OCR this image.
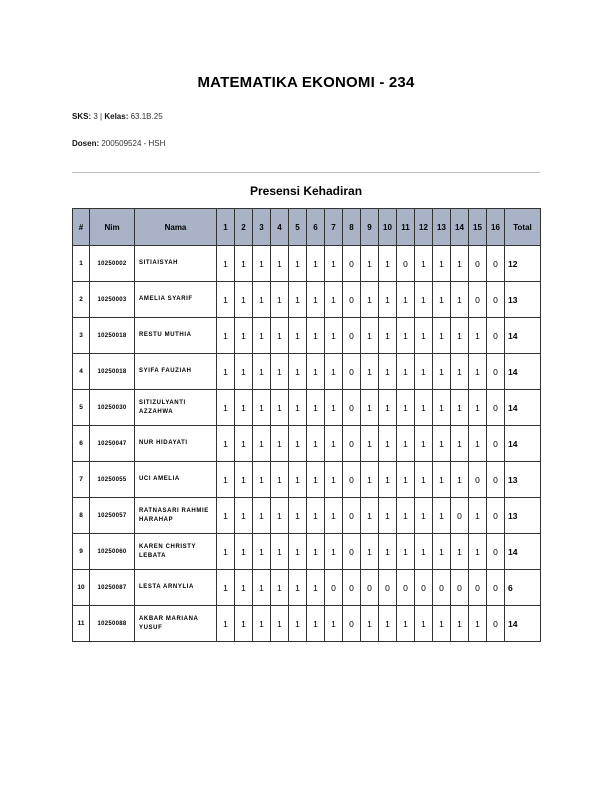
MATEMATIKA EKONOMI - 234
SKS: 3 | Kelas: 63.1B.25
Dosen: 200509524 - HSH
Presensi Kehadiran
#	Nim	Nama	1	2	3	4	5	6	7	8	9	10	11	12	13	14	15	16	Total
1	10250002	SITIAISYAH	1	1	1	1	1	1	1	0	1	1	0	1	1	1	0	0	12
2	10250003	AMELIA SYARIF	1	1	1	1	1	1	1	0	1	1	1	1	1	1	0	0	13
3	10250018	RESTU MUTHIA	1	1	1	1	1	1	1	0	1	1	1	1	1	1	1	0	14
4	10250018	SYIFA FAUZIAH	1	1	1	1	1	1	1	0	1	1	1	1	1	1	1	0	14
5	10250030	SITIZULYANTI AZZAHWA	1	1	1	1	1	1	1	0	1	1	1	1	1	1	1	0	14
6	10250047	NUR HIDAYATI	1	1	1	1	1	1	1	0	1	1	1	1	1	1	1	0	14
7	10250055	UCI AMELIA	1	1	1	1	1	1	1	0	1	1	1	1	1	1	0	0	13
8	10250057	RATNASARI RAHMIE HARAHAP	1	1	1	1	1	1	1	0	1	1	1	1	1	0	1	0	13
9	10250060	KAREN CHRISTY LEBATA	1	1	1	1	1	1	1	0	1	1	1	1	1	1	1	0	14
10	10250087	LESTA ARNYLIA	1	1	1	1	1	1	0	0	0	0	0	0	0	0	0	0	6
11	10250088	AKBAR MARIANA YUSUF	1	1	1	1	1	1	1	0	1	1	1	1	1	1	1	0	14
